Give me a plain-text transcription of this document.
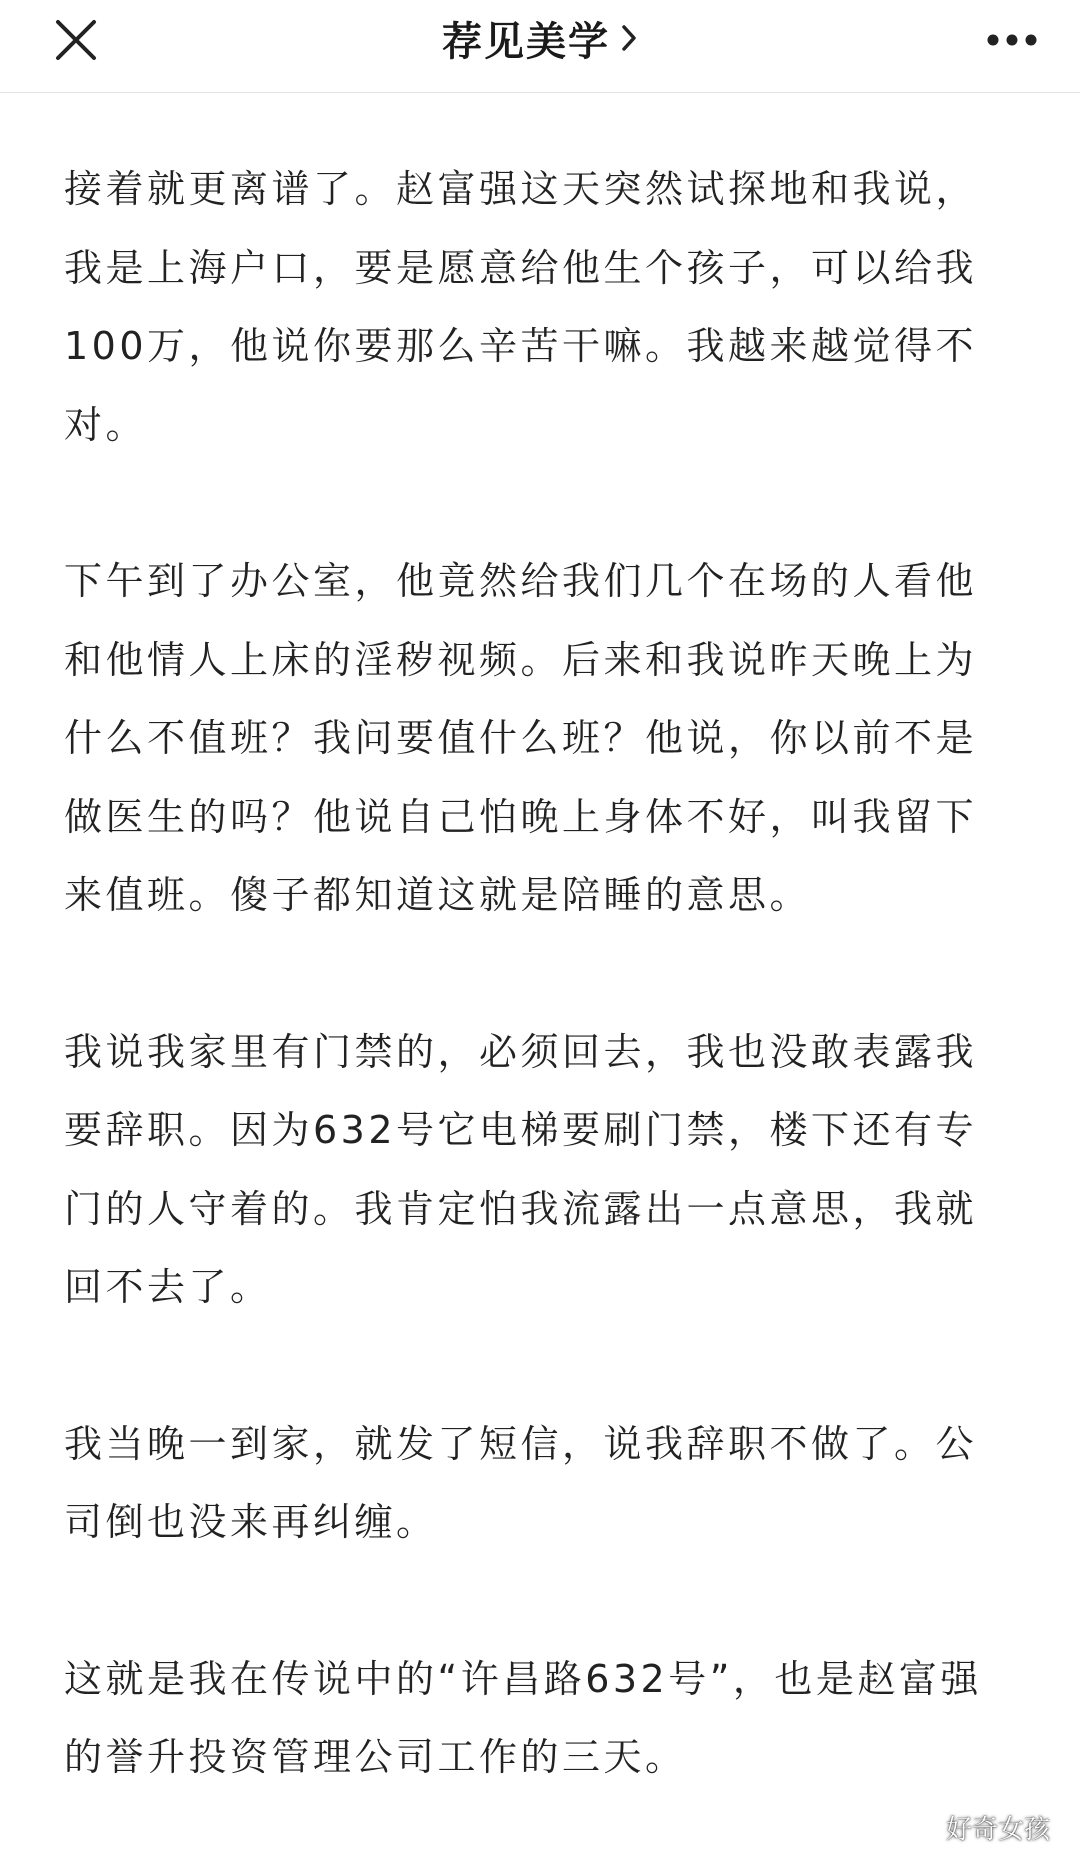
荐见美学
接着就更离谱了。赵富强这天突然试探地和我说，
我是上海户口，要是愿意给他生个孩子，可以给我
100万，他说你要那么辛苦干嘛。我越来越觉得不
对。
下午到了办公室，他竟然给我们几个在场的人看他
和他情人上床的淫秽视频。后来和我说昨天晚上为
什么不值班？我问要值什么班？他说，你以前不是
做医生的吗？他说自己怕晚上身体不好，叫我留下
来值班。傻子都知道这就是陪睡的意思。
我说我家里有门禁的，必须回去，我也没敢表露我
要辞职。因为632号它电梯要刷门禁，楼下还有专
门的人守着的。我肯定怕我流露出一点意思，我就
回不去了。
我当晚一到家，就发了短信，说我辞职不做了。公
司倒也没来再纠缠。
这就是我在传说中的“许昌路632号”，也是赵富强
的誉升投资管理公司工作的三天。
好奇女孩
